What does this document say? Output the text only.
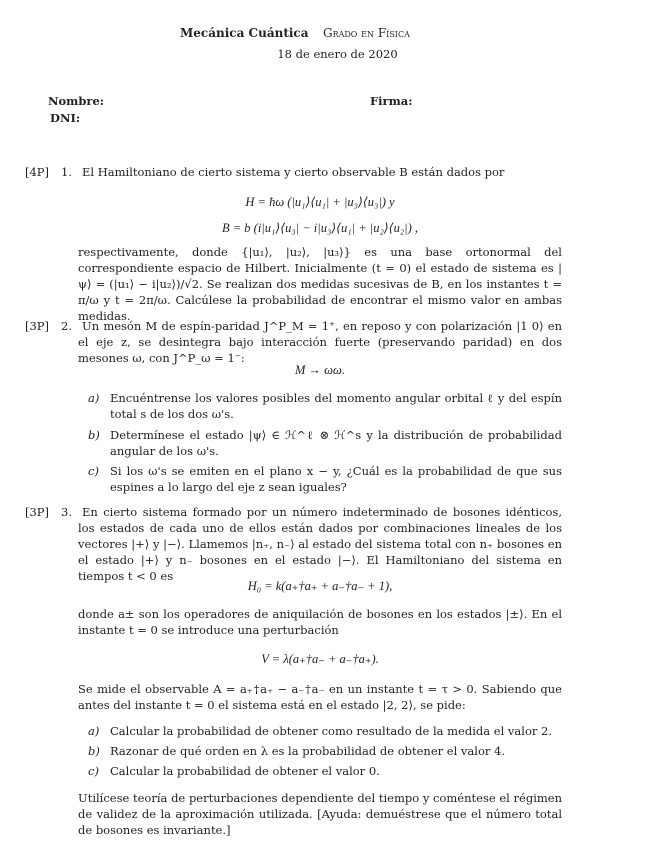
Mecánica Cuántica Grado en Física
18 de enero de 2020
Nombre:
DNI:
Firma:
[4P] 1. El Hamiltoniano de cierto sistema y cierto observable B están dados por
H = ħω (|u₁⟩⟨u₁| + |u₃⟩⟨u₃|) y
B = b (i|u₁⟩⟨u₃| − i|u₃⟩⟨u₁| + |u₂⟩⟨u₂|) ,
respectivamente, donde {|u₁⟩, |u₂⟩, |u₃⟩} es una base ortonormal del correspondiente espacio de Hilbert. Inicialmente (t = 0) el estado de sistema es |ψ⟩ = (|u₁⟩ − i|u₂⟩)/√2. Se realizan dos medidas sucesivas de B, en los instantes t = π/ω y t = 2π/ω. Calcúlese la probabilidad de encontrar el mismo valor en ambas medidas.
[3P] 2. Un mesón M de espín-paridad J^P_M = 1⁺, en reposo y con polarización |1 0⟩ en el eje z, se desintegra bajo interacción fuerte (preservando paridad) en dos mesones ω, con J^P_ω = 1⁻:
M → ωω.
a) Encuéntrense los valores posibles del momento angular orbital ℓ y del espín total s de los dos ω's.
b) Determínese el estado |ψ⟩ ∈ ℋ^ℓ ⊗ ℋ^s y la distribución de probabilidad angular de los ω's.
c) Si los ω's se emiten en el plano x − y, ¿Cuál es la probabilidad de que sus espines a lo largo del eje z sean iguales?
[3P] 3. En cierto sistema formado por un número indeterminado de bosones idénticos, los estados de cada uno de ellos están dados por combinaciones lineales de los vectores |+⟩ y |−⟩. Llamemos |n₊, n₋⟩ al estado del sistema total con n₊ bosones en el estado |+⟩ y n₋ bosones en el estado |−⟩. El Hamiltoniano del sistema en tiempos t < 0 es
H₀ = k(a₊†a₊ + a₋†a₋ + 1),
donde a± son los operadores de aniquilación de bosones en los estados |±⟩. En el instante t = 0 se introduce una perturbación
V = λ(a₊†a₋ + a₋†a₊).
Se mide el observable A = a₊†a₊ − a₋†a₋ en un instante t = τ > 0. Sabiendo que antes del instante t = 0 el sistema está en el estado |2, 2⟩, se pide:
a) Calcular la probabilidad de obtener como resultado de la medida el valor 2.
b) Razonar de qué orden en λ es la probabilidad de obtener el valor 4.
c) Calcular la probabilidad de obtener el valor 0.
Utilícese teoría de perturbaciones dependiente del tiempo y coméntese el régimen de validez de la aproximación utilizada. [Ayuda: demuéstrese que el número total de bosones es invariante.]
